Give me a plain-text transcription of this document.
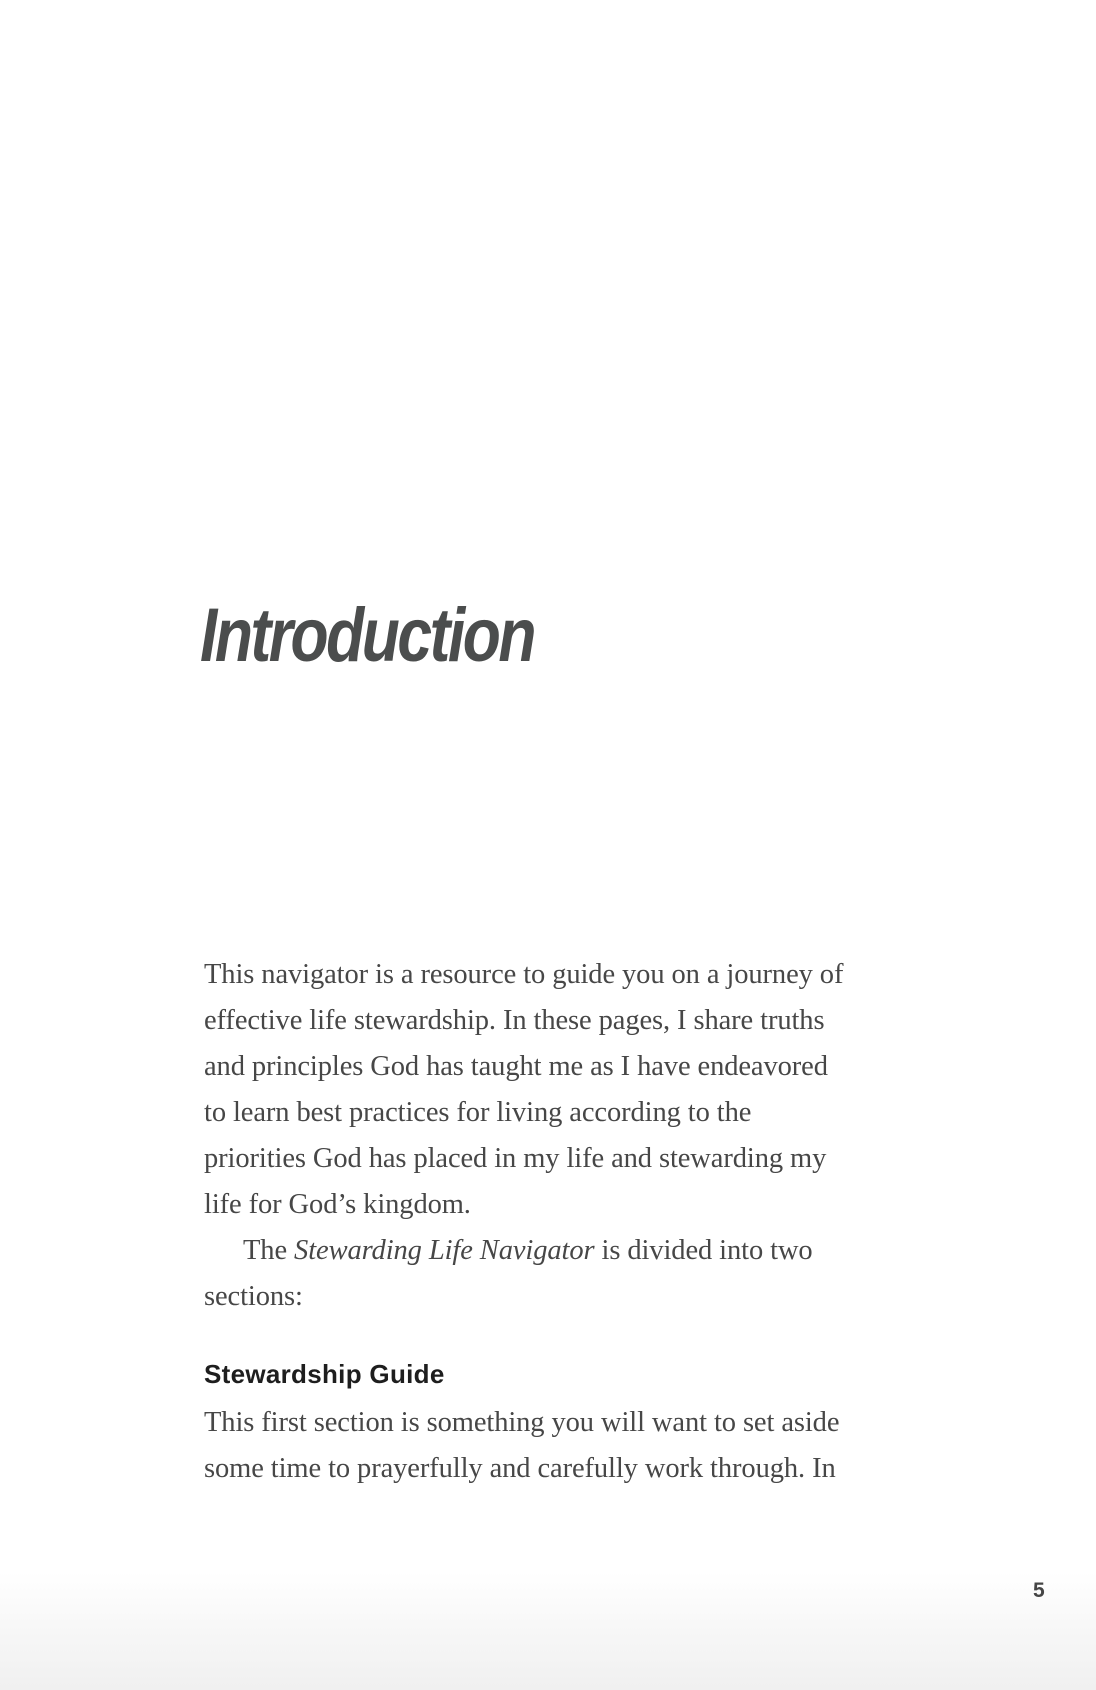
Introduction
This navigator is a resource to guide you on a journey of
effective life stewardship. In these pages, I share truths
and principles God has taught me as I have endeavored
to learn best practices for living according to the
priorities God has placed in my life and stewarding my
life for God’s kingdom.
The Stewarding Life Navigator is divided into two
sections:
Stewardship Guide
This first section is something you will want to set aside
some time to prayerfully and carefully work through. In
5
